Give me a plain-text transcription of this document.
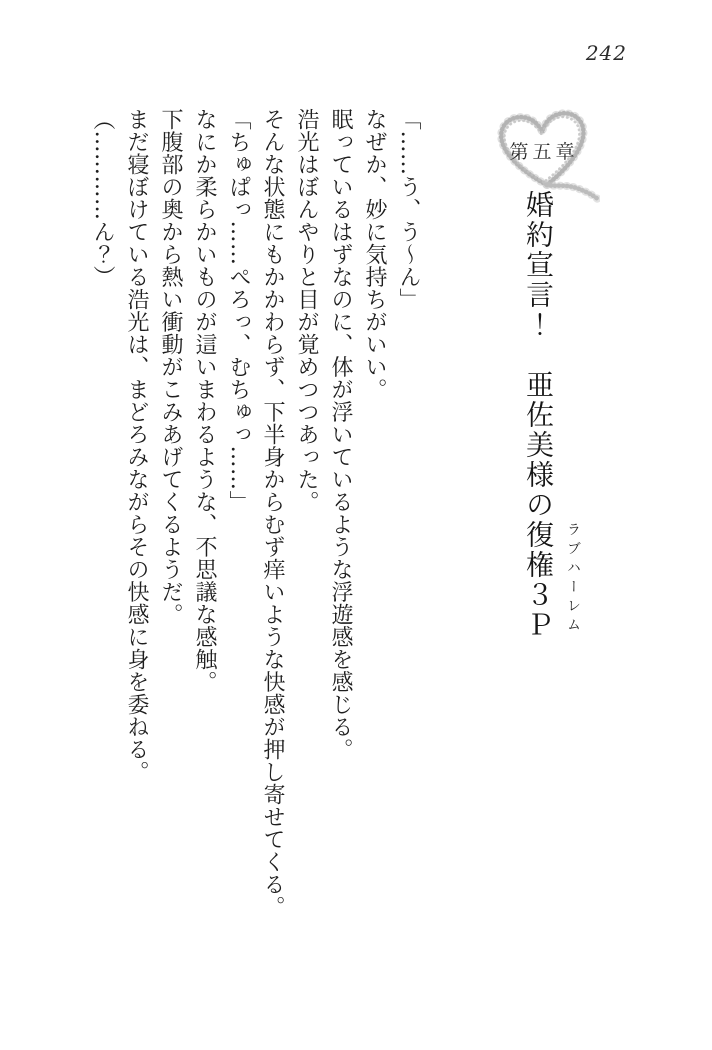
242
第五章
婚約宣言！　亜佐美様の復権３Ｐ ラブハーレム

「……う、う～ん」

なぜか、妙に気持ちがいい。

眠っているはずなのに、体が浮いているような浮遊感を感じる。

浩光はぼんやりと目が覚めつつあった。

そんな状態にもかかわらず、下半身からむず痒いような快感が押し寄せてくる。

「ちゅぱっ……ぺろっ、むちゅっ……」

なにか柔らかいものが這いまわるような、不思議な感触。

下腹部の奥から熱い衝動がこみあげてくるようだ。

まだ寝ぼけている浩光は、まどろみながらその快感に身を委ねる。

（…………ん？）
